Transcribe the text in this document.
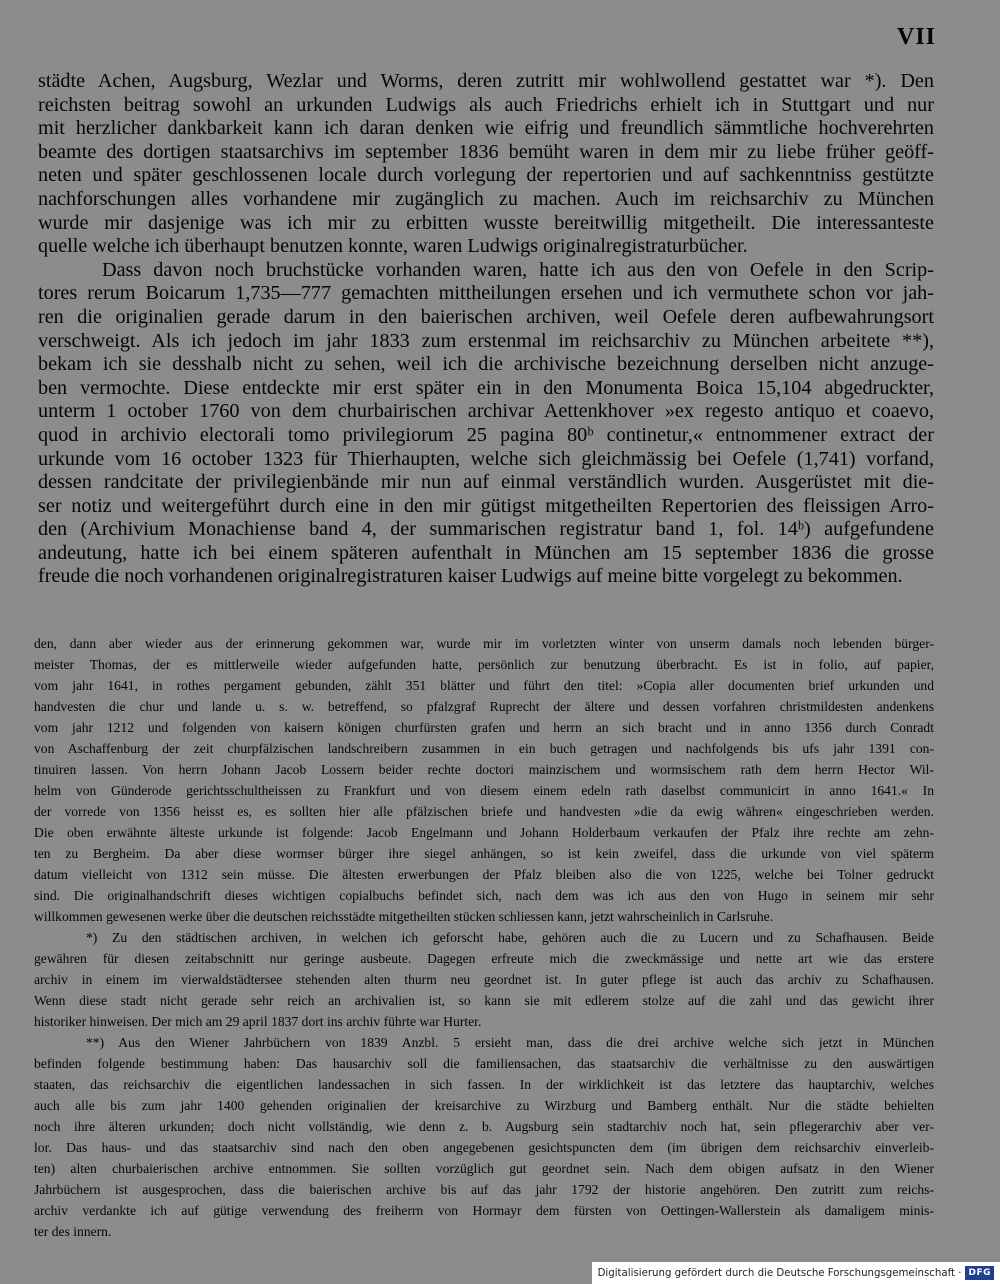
VII

städte Achen, Augsburg, Wezlar und Worms, deren zutritt mir wohlwollend gestattet war *). Den

reichsten beitrag sowohl an urkunden Ludwigs als auch Friedrichs erhielt ich in Stuttgart und nur

mit herzlicher dankbarkeit kann ich daran denken wie eifrig und freundlich sämmtliche hochverehrten

beamte des dortigen staatsarchivs im september 1836 bemüht waren in dem mir zu liebe früher geöff-

neten und später geschlossenen locale durch vorlegung der repertorien und auf sachkenntniss gestützte

nachforschungen alles vorhandene mir zugänglich zu machen. Auch im reichsarchiv zu München

wurde mir dasjenige was ich mir zu erbitten wusste bereitwillig mitgetheilt. Die interessanteste

quelle welche ich überhaupt benutzen konnte, waren Ludwigs originalregistraturbücher.

Dass davon noch bruchstücke vorhanden waren, hatte ich aus den von Oefele in den Scrip-

tores rerum Boicarum 1,735—777 gemachten mittheilungen ersehen und ich vermuthete schon vor jah-

ren die originalien gerade darum in den baierischen archiven, weil Oefele deren aufbewahrungsort

verschweigt. Als ich jedoch im jahr 1833 zum erstenmal im reichsarchiv zu München arbeitete **),

bekam ich sie desshalb nicht zu sehen, weil ich die archivische bezeichnung derselben nicht anzuge-

ben vermochte. Diese entdeckte mir erst später ein in den Monumenta Boica 15,104 abgedruckter,

unterm 1 october 1760 von dem churbairischen archivar Aettenkhover »ex regesto antiquo et coaevo,

quod in archivio electorali tomo privilegiorum 25 pagina 80ᵇ continetur,« entnommener extract der

urkunde vom 16 october 1323 für Thierhaupten, welche sich gleichmässig bei Oefele (1,741) vorfand,

dessen randcitate der privilegienbände mir nun auf einmal verständlich wurden. Ausgerüstet mit die-

ser notiz und weitergeführt durch eine in den mir gütigst mitgetheilten Repertorien des fleissigen Arro-

den (Archivium Monachiense band 4, der summarischen registratur band 1, fol. 14ᵇ) aufgefundene

andeutung, hatte ich bei einem späteren aufenthalt in München am 15 september 1836 die grosse

freude die noch vorhandenen originalregistraturen kaiser Ludwigs auf meine bitte vorgelegt zu bekommen.

den, dann aber wieder aus der erinnerung gekommen war, wurde mir im vorletzten winter von unserm damals noch lebenden bürger-

meister Thomas, der es mittlerweile wieder aufgefunden hatte, persönlich zur benutzung überbracht. Es ist in folio, auf papier,

vom jahr 1641, in rothes pergament gebunden, zählt 351 blätter und führt den titel: »Copia aller documenten brief urkunden und

handvesten die chur und lande u. s. w. betreffend, so pfalzgraf Ruprecht der ältere und dessen vorfahren christmildesten andenkens

vom jahr 1212 und folgenden von kaisern königen churfürsten grafen und herrn an sich bracht und in anno 1356 durch Conradt

von Aschaffenburg der zeit churpfälzischen landschreibern zusammen in ein buch getragen und nachfolgends bis ufs jahr 1391 con-

tinuiren lassen. Von herrn Johann Jacob Lossern beider rechte doctori mainzischem und wormsischem rath dem herrn Hector Wil-

helm von Günderode gerichtsschultheissen zu Frankfurt und von diesem einem edeln rath daselbst communicirt in anno 1641.« In

der vorrede von 1356 heisst es, es sollten hier alle pfälzischen briefe und handvesten »die da ewig währen« eingeschrieben werden.

Die oben erwähnte älteste urkunde ist folgende: Jacob Engelmann und Johann Holderbaum verkaufen der Pfalz ihre rechte am zehn-

ten zu Bergheim. Da aber diese wormser bürger ihre siegel anhängen, so ist kein zweifel, dass die urkunde von viel späterm

datum vielleicht von 1312 sein müsse. Die ältesten erwerbungen der Pfalz bleiben also die von 1225, welche bei Tolner gedruckt

sind. Die originalhandschrift dieses wichtigen copialbuchs befindet sich, nach dem was ich aus den von Hugo in seinem mir sehr

willkommen gewesenen werke über die deutschen reichsstädte mitgetheilten stücken schliessen kann, jetzt wahrscheinlich in Carlsruhe.

*) Zu den städtischen archiven, in welchen ich geforscht habe, gehören auch die zu Lucern und zu Schafhausen. Beide

gewähren für diesen zeitabschnitt nur geringe ausbeute. Dagegen erfreute mich die zweckmässige und nette art wie das erstere

archiv in einem im vierwaldstädtersee stehenden alten thurm neu geordnet ist. In guter pflege ist auch das archiv zu Schafhausen.

Wenn diese stadt nicht gerade sehr reich an archivalien ist, so kann sie mit edlerem stolze auf die zahl und das gewicht ihrer

historiker hinweisen. Der mich am 29 april 1837 dort ins archiv führte war Hurter.

**) Aus den Wiener Jahrbüchern von 1839 Anzbl. 5 ersieht man, dass die drei archive welche sich jetzt in München

befinden folgende bestimmung haben: Das hausarchiv soll die familiensachen, das staatsarchiv die verhältnisse zu den auswärtigen

staaten, das reichsarchiv die eigentlichen landessachen in sich fassen. In der wirklichkeit ist das letztere das hauptarchiv, welches

auch alle bis zum jahr 1400 gehenden originalien der kreisarchive zu Wirzburg und Bamberg enthält. Nur die städte behielten

noch ihre älteren urkunden; doch nicht vollständig, wie denn z. b. Augsburg sein stadtarchiv noch hat, sein pflegerarchiv aber ver-

lor. Das haus- und das staatsarchiv sind nach den oben angegebenen gesichtspuncten dem (im übrigen dem reichsarchiv einverleib-

ten) alten churbaierischen archive entnommen. Sie sollten vorzüglich gut geordnet sein. Nach dem obigen aufsatz in den Wiener

Jahrbüchern ist ausgesprochen, dass die baierischen archive bis auf das jahr 1792 der historie angehören. Den zutritt zum reichs-

archiv verdankte ich auf gütige verwendung des freiherrn von Hormayr dem fürsten von Oettingen-Wallerstein als damaligem minis-

ter des innern.

Digitalisierung gefördert durch die Deutsche Forschungsgemeinschaft · DFG
